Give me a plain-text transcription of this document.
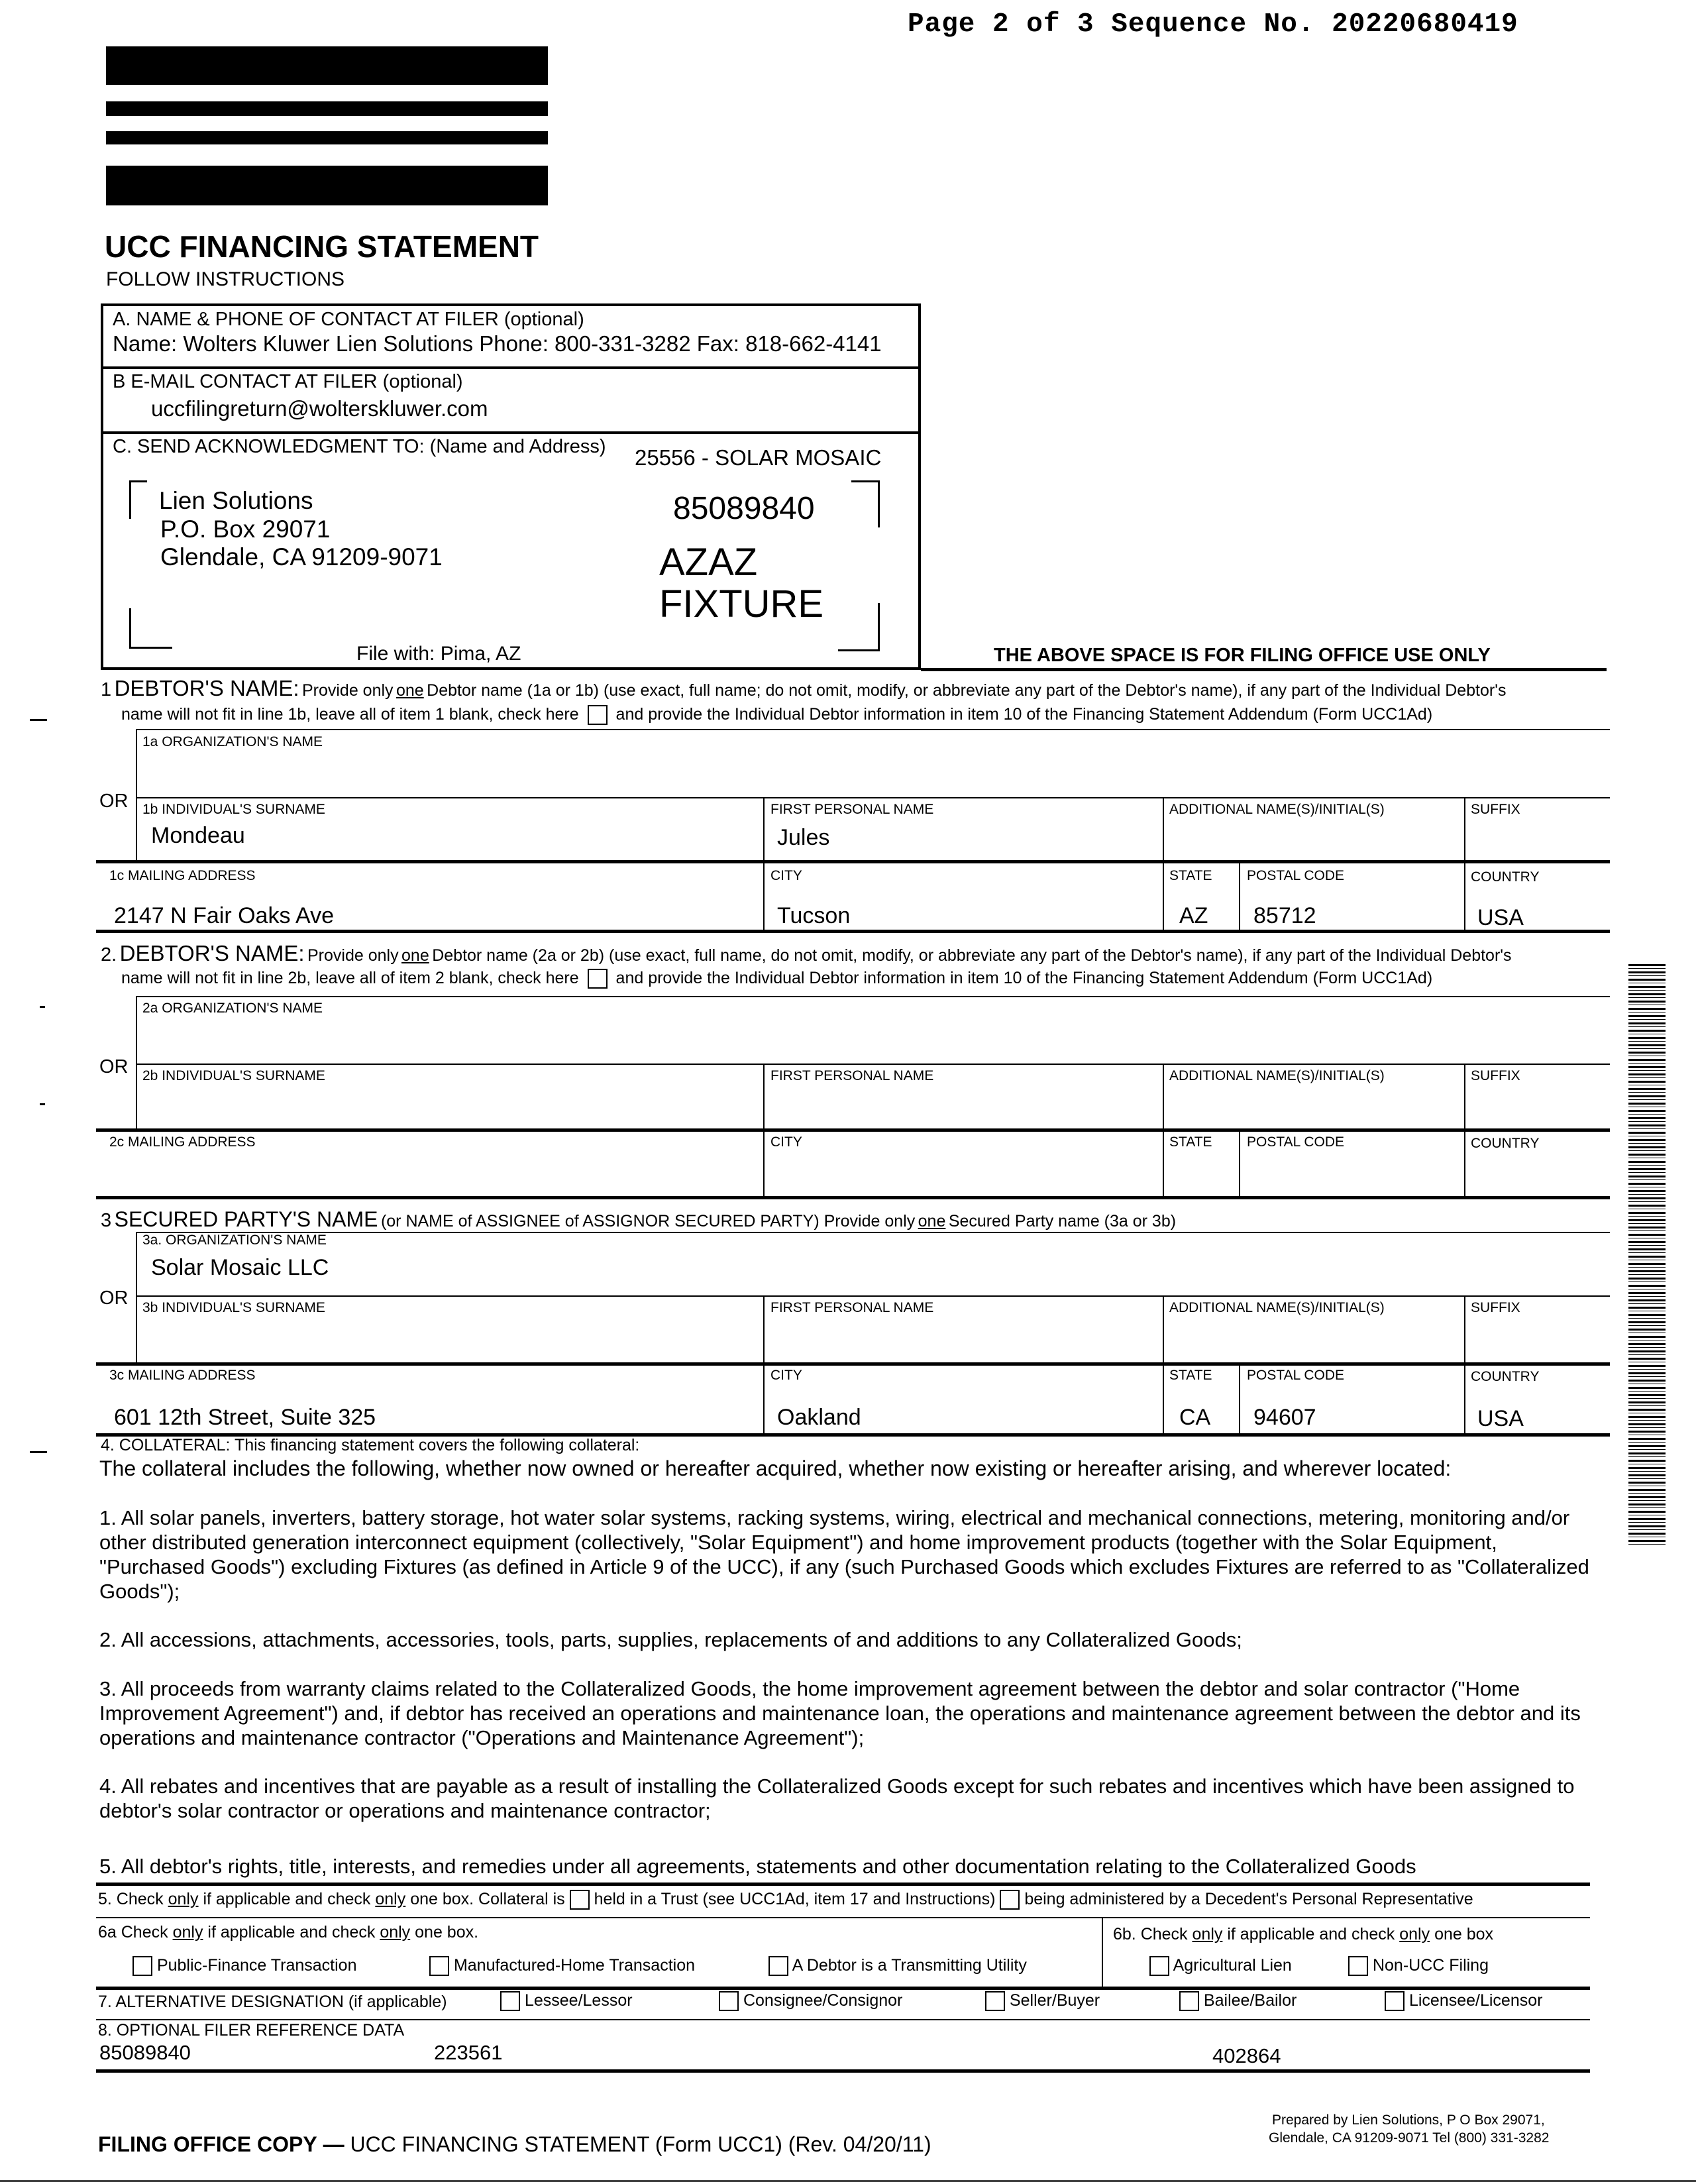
Page 2 of 3 Sequence No. 20220680419
UCC FINANCING STATEMENT
FOLLOW INSTRUCTIONS
A. NAME & PHONE OF CONTACT AT FILER (optional)
Name: Wolters Kluwer Lien Solutions Phone: 800-331-3282 Fax: 818-662-4141
B E-MAIL CONTACT AT FILER (optional)
uccfilingreturn@wolterskluwer.com
C. SEND ACKNOWLEDGMENT TO: (Name and Address) 25556 - SOLAR MOSAIC
Lien Solutions
P.O. Box 29071
Glendale, CA 91209-9071
85089840
AZAZ
FIXTURE
File with: Pima, AZ	THE ABOVE SPACE IS FOR FILING OFFICE USE ONLY
1 DEBTOR'S NAME: Provide only one Debtor name (1a or 1b) (use exact, full name; do not omit, modify, or abbreviate any part of the Debtor's name), if any part of the Individual Debtor's
name will not fit in line 1b, leave all of item 1 blank, check here and provide the Individual Debtor information in item 10 of the Financing Statement Addendum (Form UCC1Ad)
1a ORGANIZATION'S NAME
OR 1b INDIVIDUAL'S SURNAME
Mondeau
FIRST PERSONAL NAME
Jules
ADDITIONAL NAME(S)/INITIAL(S)	SUFFIX
1c MAILING ADDRESS
2147 N Fair Oaks Ave
CITY
Tucson
STATE
AZ
POSTAL CODE
85712
COUNTRY
USA
2. DEBTOR'S NAME: Provide only one Debtor name (2a or 2b) (use exact, full name, do not omit, modify, or abbreviate any part of the Debtor's name), if any part of the Individual Debtor's
name will not fit in line 2b, leave all of item 2 blank, check here and provide the Individual Debtor information in item 10 of the Financing Statement Addendum (Form UCC1Ad)
2a ORGANIZATION'S NAME
OR 2b INDIVIDUAL'S SURNAME	FIRST PERSONAL NAME	ADDITIONAL NAME(S)/INITIAL(S)	SUFFIX
2c MAILING ADDRESS	CITY	STATE POSTAL CODE	COUNTRY
3 SECURED PARTY'S NAME (or NAME of ASSIGNEE of ASSIGNOR SECURED PARTY) Provide only one Secured Party name (3a or 3b)
3a. ORGANIZATION'S NAME
Solar Mosaic LLC
OR 3b INDIVIDUAL'S SURNAME	FIRST PERSONAL NAME	ADDITIONAL NAME(S)/INITIAL(S)	SUFFIX
3c MAILING ADDRESS
601 12th Street, Suite 325
CITY
Oakland
STATE
CA
POSTAL CODE
94607
COUNTRY
USA
4. COLLATERAL: This financing statement covers the following collateral:
The collateral includes the following, whether now owned or hereafter acquired, whether now existing or hereafter arising, and wherever located:
1. All solar panels, inverters, battery storage, hot water solar systems, racking systems, wiring, electrical and mechanical connections, metering, monitoring and/or other distributed generation interconnect equipment (collectively, "Solar Equipment") and home improvement products (together with the Solar Equipment, "Purchased Goods") excluding Fixtures (as defined in Article 9 of the UCC), if any (such Purchased Goods which excludes Fixtures are referred to as "Collateralized Goods");
2. All accessions, attachments, accessories, tools, parts, supplies, replacements of and additions to any Collateralized Goods;
3. All proceeds from warranty claims related to the Collateralized Goods, the home improvement agreement between the debtor and solar contractor ("Home Improvement Agreement") and, if debtor has received an operations and maintenance loan, the operations and maintenance agreement between the debtor and its operations and maintenance contractor ("Operations and Maintenance Agreement");
4. All rebates and incentives that are payable as a result of installing the Collateralized Goods except for such rebates and incentives which have been assigned to debtor's solar contractor or operations and maintenance contractor;
5. All debtor's rights, title, interests, and remedies under all agreements, statements and other documentation relating to the Collateralized Goods
5. Check only if applicable and check only one box. Collateral is held in a Trust (see UCC1Ad, item 17 and Instructions) being administered by a Decedent's Personal Representative
6a Check only if applicable and check only one box.	6b. Check only if applicable and check only one box
Public-Finance Transaction	Manufactured-Home Transaction	A Debtor is a Transmitting Utility	Agricultural Lien	Non-UCC Filing
7. ALTERNATIVE DESIGNATION (if applicable)	Lessee/Lessor	Consignee/Consignor	Seller/Buyer	Bailee/Bailor	Licensee/Licensor
8. OPTIONAL FILER REFERENCE DATA
85089840	223561	402864
FILING OFFICE COPY — UCC FINANCING STATEMENT (Form UCC1) (Rev. 04/20/11)
Prepared by Lien Solutions, P O Box 29071,
Glendale, CA 91209-9071 Tel (800) 331-3282
